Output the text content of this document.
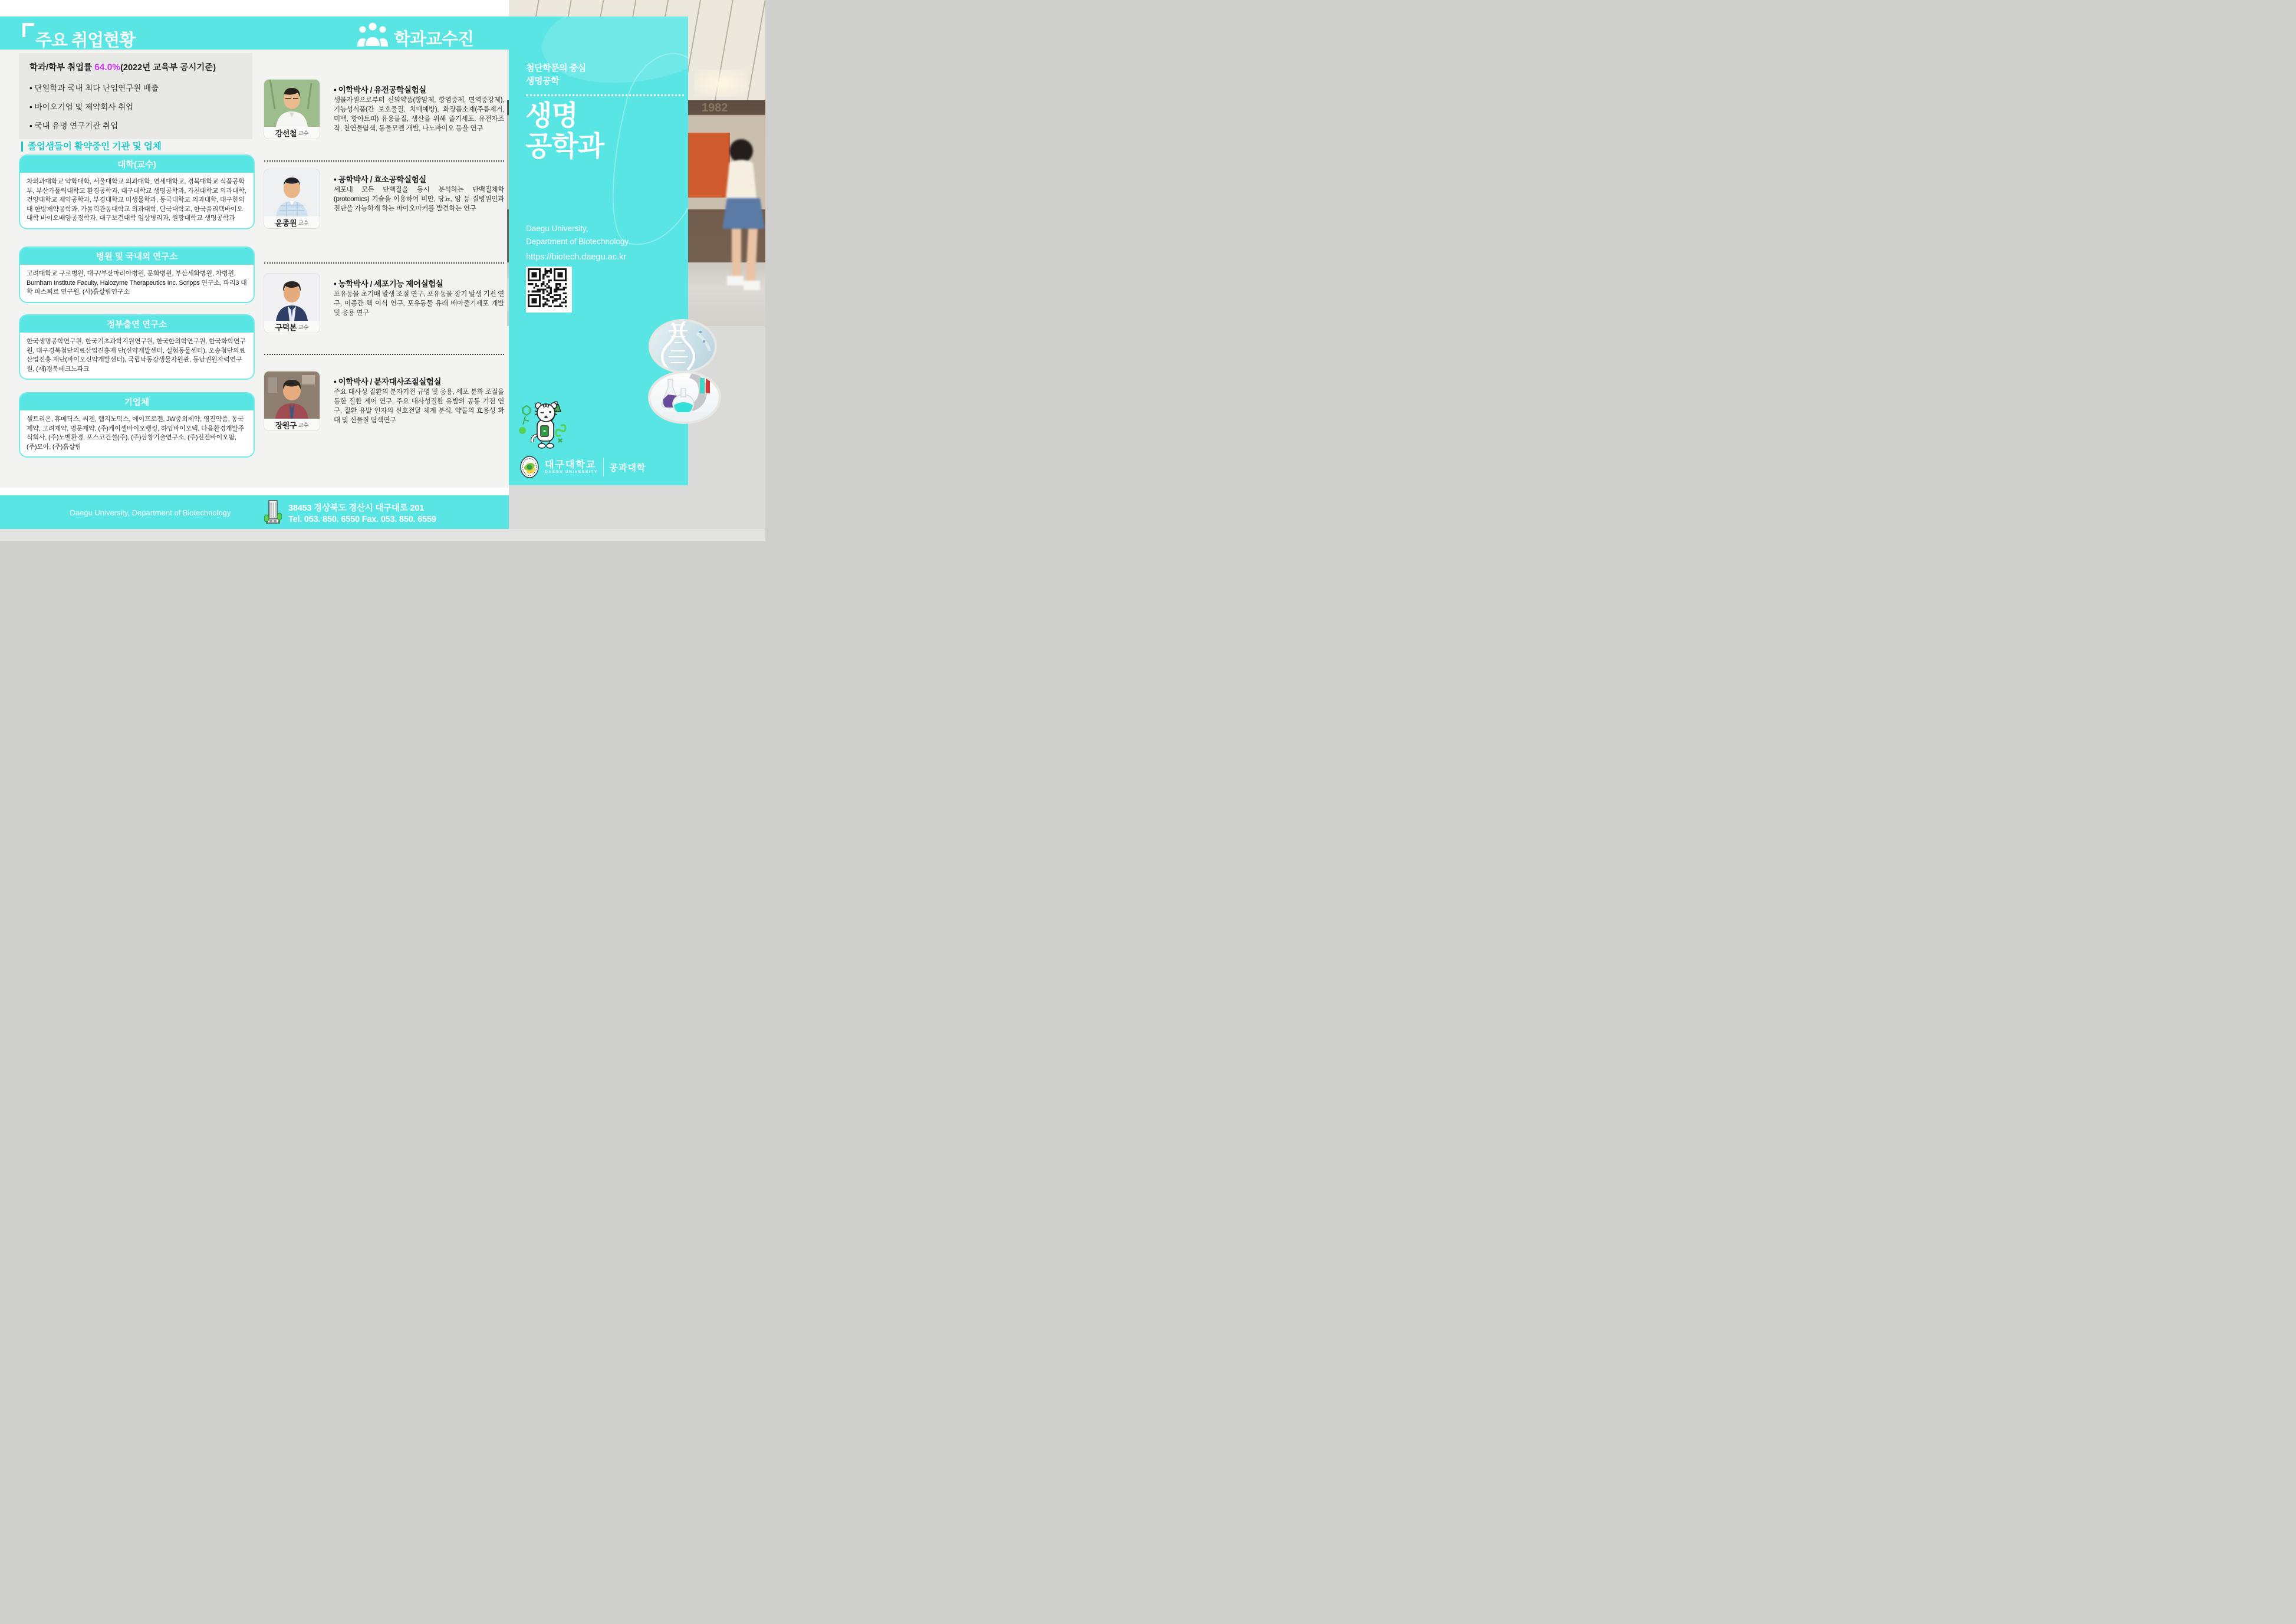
1982
주요 취업현황	학과교수진
학과/학부 취업률 64.0%(2022년 교육부 공시기준)
• 단일학과 국내 최다 난임연구원 배출
• 바이오기업 및 제약회사 취업
• 국내 유명 연구기관 취업
졸업생들이 활약중인 기관 및 업체
대학(교수)
차의과대학교 약학대학, 서울대학교 의과대학, 연세대학교, 경북대학교 식품공학부, 부산가톨릭대학교 환경공학과, 대구대학교 생명공학과, 가천대학교 의과대학, 건양대학교 제약공학과, 부경대학교 미생물학과, 동국대학교 의과대학, 대구한의대 한방제약공학과, 가톨릭관동대학교 의과대학, 단국대학교, 한국폴리텍바이오대학 바이오배양공정학과, 대구보건대학 임상병리과, 원광대학교 생명공학과
병원 및 국내외 연구소
고려대학교 구로병원, 대구/부산마리아병원, 문화병원, 부산세화병원, 차병원, Burnham Institute Faculty, Halozyme Therapeutics Inc. Scripps 연구소, 파리3 대학 파스퇴르 연구원, (사)흙살림연구소
정부출연 연구소
한국생명공학연구원, 한국기초과학지원연구원, 한국한의학연구원, 한국화학연구원, 대구경북첨단의료산업진흥재 단(신약개발센터, 실험동물센터), 오송첨단의료산업진흥 재단(바이오신약개발센터), 국립낙동강생물자원관, 동남권원자력연구원, (재)경북테크노파크
기업체
셀트리온, 휴메딕스, 씨젠, 랩지노믹스, 에이프로젠, JW중외제약, 영진약품, 동국제약, 고려제약, 명문제약, (주)케이셀바이오뱅킹, 하임바이오텍, 다음환경개발주식회사, (주)노벨환경, 포스코건설(주), (주)삼창기술연구소, (주)전진바이오팜, (주)모아, (주)흙살림
강선철 교수
• 이학박사 / 유전공학실험실
생물자원으로부터 신의약품(항암제, 항염증제, 면역증강제), 기능성식품(간 보호물질, 치매예방), 화장품소재(주름제거, 미백, 항아토피) 유용물질, 생산을 위해 줄기세포, 유전자조작, 천연물탐색, 동물모델 개발, 나노바이오 등을 연구
윤종원 교수
• 공학박사 / 효소공학실험실
세포내 모든 단백질을 동시 분석하는 단백질체학(proteomics) 기술을 이용하여 비만, 당뇨, 암 등 질병원인과 진단을 가능하게 하는 바이오마커를 발견하는 연구
구덕본 교수
• 농학박사 / 세포기능 제어실험실
포유동물 초기배 발생 조절 연구, 포유동물 장기 발생 기전 연구, 이종간 핵 이식 연구, 포유동물 유래 배아줄기세포 개발 및 응용 연구
장원구 교수
• 이학박사 / 분자대사조절실험실
주요 대사성 질환의 분자기전 규명 및 응용, 세포 분화 조절을 통한 질환 제어 연구, 주요 대사성질환 유발의 공통 기전 연구, 질환 유발 인자의 신호전달 체계 분석, 약물의 효용성 확대 및 신물질 탐색연구
첨단학문의 중심
생명공학
생명
공학과
Daegu University,
Department of Biotechnology
https://biotech.daegu.ac.kr
대구대학교
DAEGU UNIVERSITY 공과대학
Daegu University, Department of Biotechnology	38453 경상북도 경산시 대구대로 201
Tel. 053. 850. 6550 Fax. 053. 850. 6559
